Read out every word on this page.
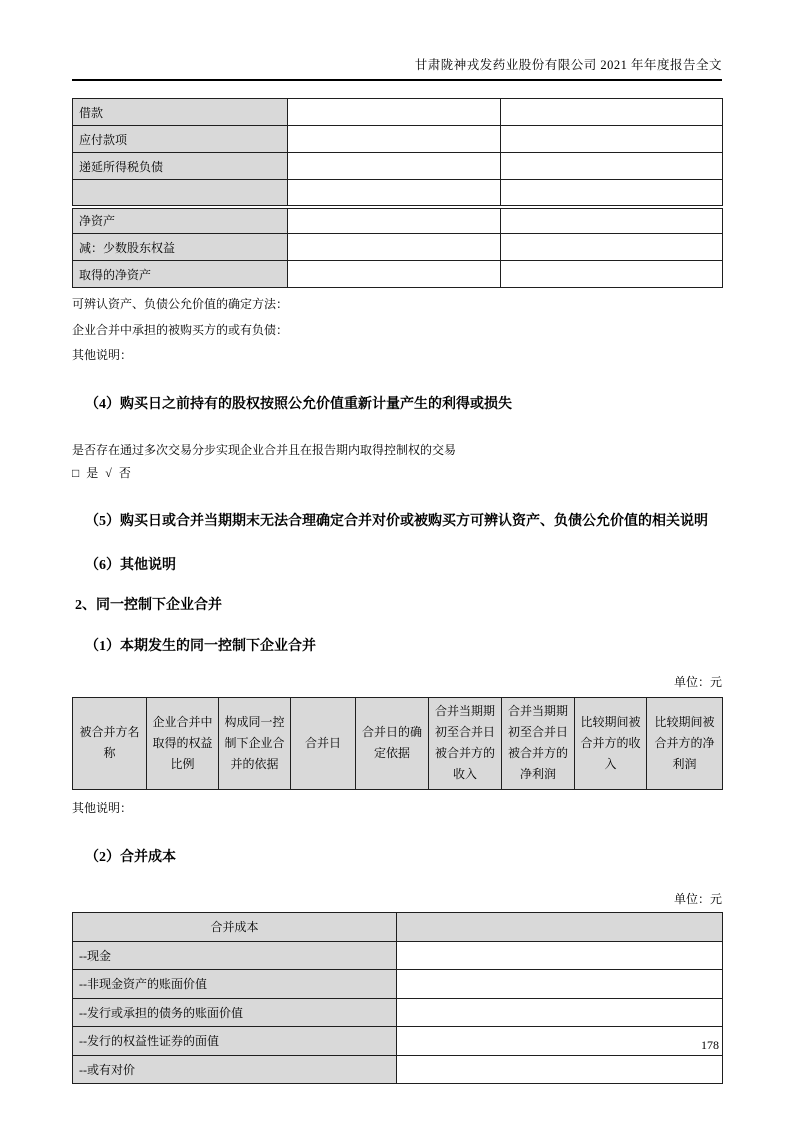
甘肃陇神戎发药业股份有限公司 2021 年年度报告全文
借款		
应付款项		
递延所得税负债		

净资产		
减：少数股东权益		
取得的净资产		

可辨认资产、负债公允价值的确定方法：

企业合并中承担的被购买方的或有负债：

其他说明：

（4）购买日之前持有的股权按照公允价值重新计量产生的利得或损失
是否存在通过多次交易分步实现企业合并且在报告期内取得控制权的交易
□ 是 √ 否
（5）购买日或合并当期期末无法合理确定合并对价或被购买方可辨认资产、负债公允价值的相关说明
（6）其他说明
2、同一控制下企业合并
（1）本期发生的同一控制下企业合并
单位：元
被合并方名称	企业合并中取得的权益比例	构成同一控制下企业合并的依据	合并日	合并日的确定依据	合并当期期初至合并日被合并方的收入	合并当期期初至合并日被合并方的净利润	比较期间被合并方的收入	比较期间被合并方的净利润

其他说明：

（2）合并成本
单位：元
合并成本	
--现金	
--非现金资产的账面价值	
--发行或承担的债务的账面价值	
--发行的权益性证券的面值	
--或有对价	
178
